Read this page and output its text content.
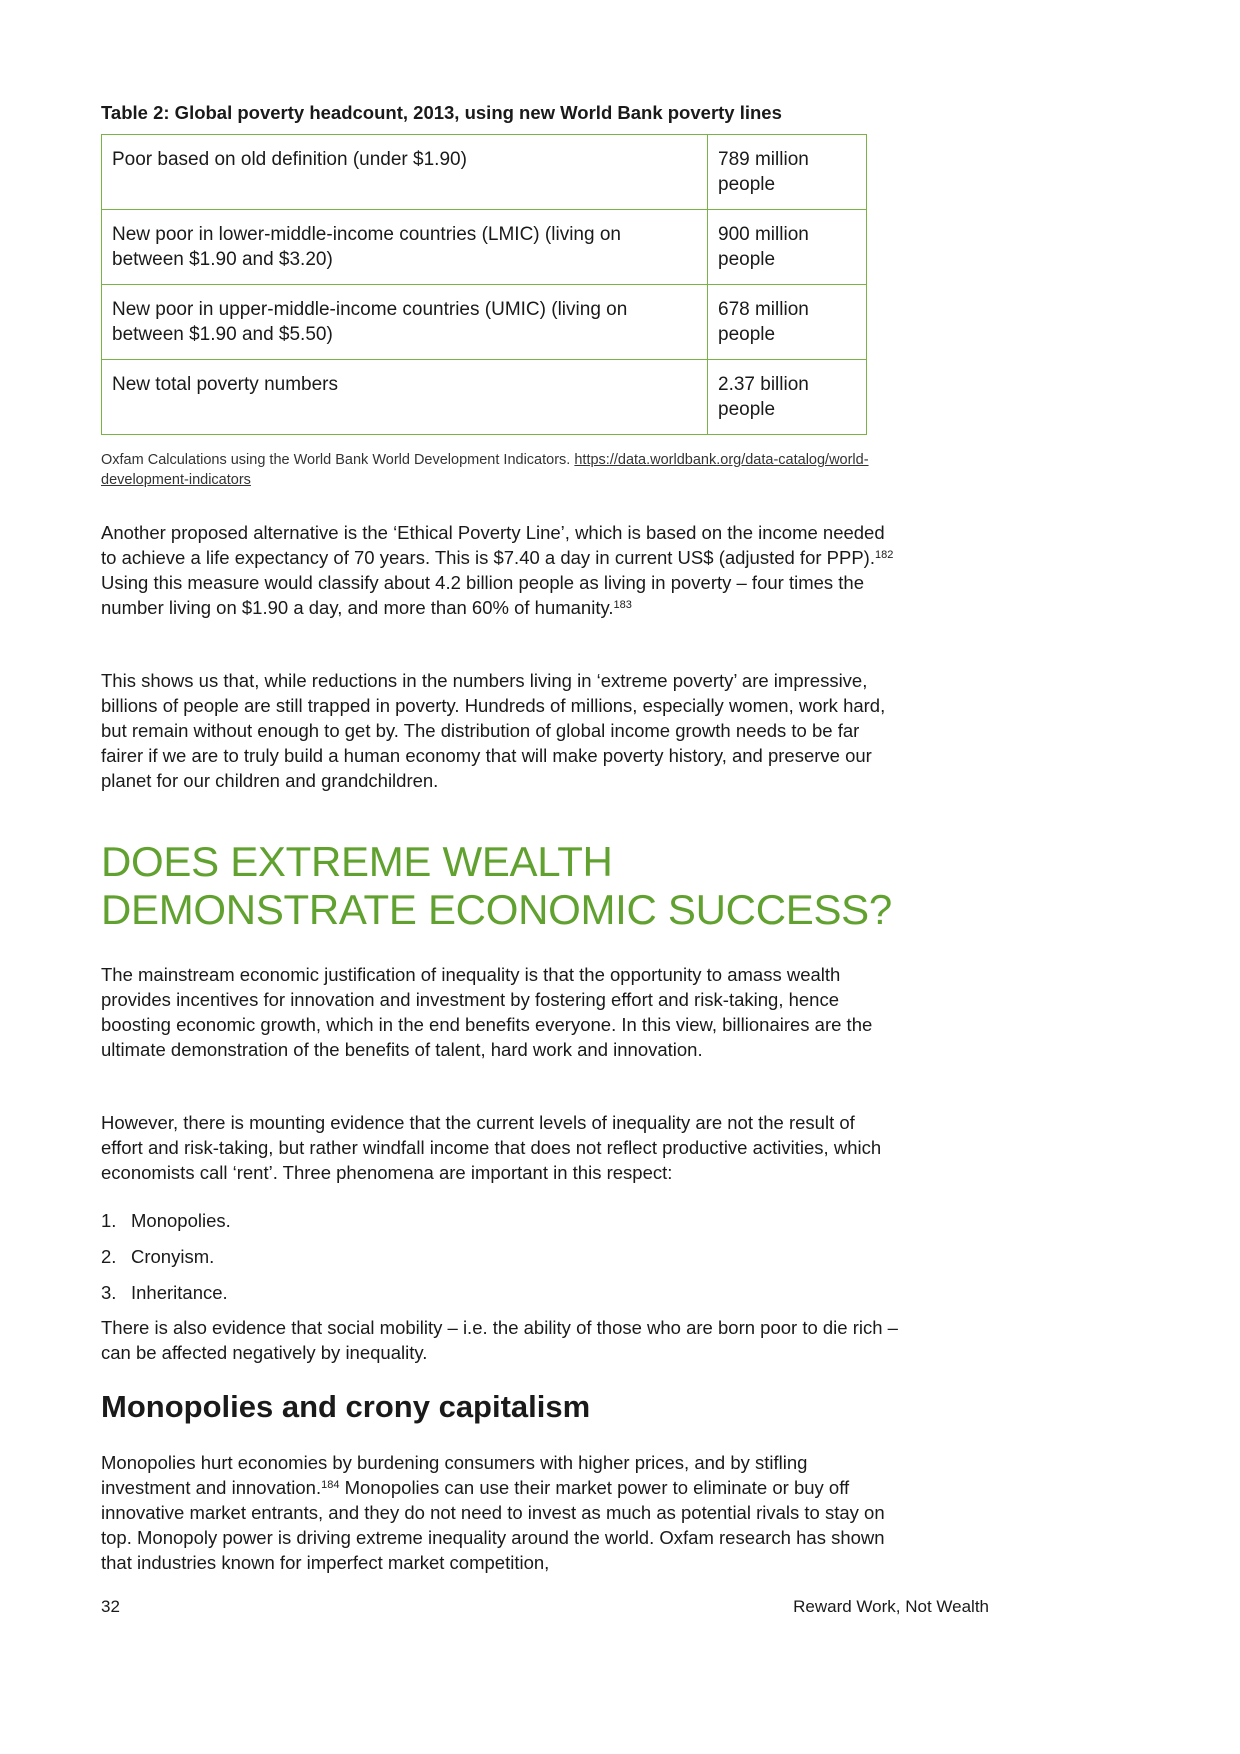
Table 2: Global poverty headcount, 2013, using new World Bank poverty lines

Poor based on old definition (under $1.90)	789 million people
New poor in lower-middle-income countries (LMIC) (living on between $1.90 and $3.20)	900 million people
New poor in upper-middle-income countries (UMIC) (living on between $1.90 and $5.50)	678 million people
New total poverty numbers	2.37 billion people
Oxfam Calculations using the World Bank World Development Indicators. https://data.worldbank.org/data-catalog/world-development-indicators

Another proposed alternative is the ‘Ethical Poverty Line’, which is based on the income needed to achieve a life expectancy of 70 years. This is $7.40 a day in current US$ (adjusted for PPP).$^{182}$ Using this measure would classify about 4.2 billion people as living in poverty – four times the number living on $1.90 a day, and more than 60% of humanity.$^{183}$

This shows us that, while reductions in the numbers living in ‘extreme poverty’ are impressive, billions of people are still trapped in poverty. Hundreds of millions, especially women, work hard, but remain without enough to get by. The distribution of global income growth needs to be far fairer if we are to truly build a human economy that will make poverty history, and preserve our planet for our children and grandchildren.

DOES EXTREME WEALTH
DEMONSTRATE ECONOMIC SUCCESS?

The mainstream economic justification of inequality is that the opportunity to amass wealth provides incentives for innovation and investment by fostering effort and risk-taking, hence boosting economic growth, which in the end benefits everyone. In this view, billionaires are the ultimate demonstration of the benefits of talent, hard work and innovation.

However, there is mounting evidence that the current levels of inequality are not the result of effort and risk-taking, but rather windfall income that does not reflect productive activities, which economists call ‘rent’. Three phenomena are important in this respect:

1. Monopolies.
2. Cronyism.
3. Inheritance.

There is also evidence that social mobility – i.e. the ability of those who are born poor to die rich – can be affected negatively by inequality.

Monopolies and crony capitalism

Monopolies hurt economies by burdening consumers with higher prices, and by stifling investment and innovation.$^{184}$ Monopolies can use their market power to eliminate or buy off innovative market entrants, and they do not need to invest as much as potential rivals to stay on top. Monopoly power is driving extreme inequality around the world. Oxfam research has shown that industries known for imperfect market competition,

32	Reward Work, Not Wealth
